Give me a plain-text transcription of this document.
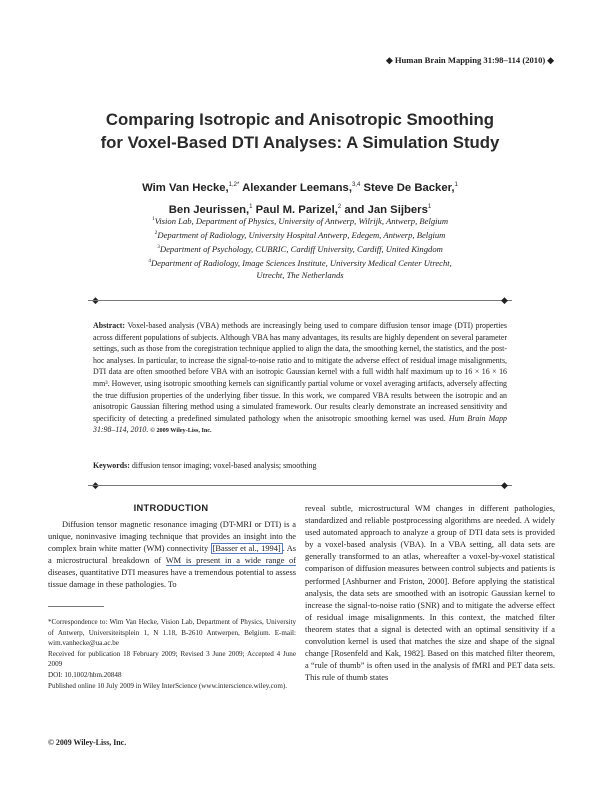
◆ Human Brain Mapping 31:98–114 (2010) ◆
Comparing Isotropic and Anisotropic Smoothing
for Voxel-Based DTI Analyses: A Simulation Study
Wim Van Hecke,$^{1,2*}$ Alexander Leemans,$^{3,4}$ Steve De Backer,$^1$
Ben Jeurissen,$^1$ Paul M. Parizel,$^2$ and Jan Sijbers$^1$
$^1$Vision Lab, Department of Physics, University of Antwerp, Wilrijk, Antwerp, Belgium
$^2$Department of Radiology, University Hospital Antwerp, Edegem, Antwerp, Belgium
$^3$Department of Psychology, CUBRIC, Cardiff University, Cardiff, United Kingdom
$^4$Department of Radiology, Image Sciences Institute, University Medical Center Utrecht,
Utrecht, The Netherlands
◆	◆
Abstract: Voxel-based analysis (VBA) methods are increasingly being used to compare diffusion tensor image (DTI) properties across different populations of subjects. Although VBA has many advantages, its results are highly dependent on several parameter settings, such as those from the coregistration technique applied to align the data, the smoothing kernel, the statistics, and the post-hoc analyses. In particular, to increase the signal-to-noise ratio and to mitigate the adverse effect of residual image misalignments, DTI data are often smoothed before VBA with an isotropic Gaussian kernel with a full width half maximum up to 16 × 16 × 16 mm³. However, using isotropic smoothing kernels can significantly partial volume or voxel averaging artifacts, adversely affecting the true diffusion properties of the underlying fiber tissue. In this work, we compared VBA results between the isotropic and an anisotropic Gaussian filtering method using a simulated framework. Our results clearly demonstrate an increased sensitivity and specificity of detecting a predefined simulated pathology when the anisotropic smoothing kernel was used. Hum Brain Mapp 31:98–114, 2010. © 2009 Wiley-Liss, Inc.
Keywords: diffusion tensor imaging; voxel-based analysis; smoothing
◆	◆
INTRODUCTION

Diffusion tensor magnetic resonance imaging (DT-MRI or DTI) is a unique, noninvasive imaging technique that provides an insight into the complex brain white matter (WM) connectivity [Basser et al., 1994] . As a microstructural breakdown of WM is present in a wide range of diseases, quantitative DTI measures have a tremendous potential to assess tissue damage in these pathologies. To

*Correspondence to: Wim Van Hecke, Vision Lab, Department of Physics, University of Antwerp, Universiteitsplein 1, N 1.18, B-2610 Antwerpen, Belgium. E-mail: wim.vanhecke@ua.ac.be

Received for publication 18 February 2009; Revised 3 June 2009; Accepted 4 June 2009

DOI: 10.1002/hbm.20848

Published online 10 July 2009 in Wiley InterScience (www.interscience.wiley.com).

© 2009 Wiley-Liss, Inc.

reveal subtle, microstructural WM changes in different pathologies, standardized and reliable postprocessing algorithms are needed. A widely used automated approach to analyze a group of DTI data sets is provided by a voxel-based analysis (VBA). In a VBA setting, all data sets are generally transformed to an atlas, whereafter a voxel-by-voxel statistical comparison of diffusion measures between control subjects and patients is performed [Ashburner and Friston, 2000]. Before applying the statistical analysis, the data sets are smoothed with an isotropic Gaussian kernel to increase the signal-to-noise ratio (SNR) and to mitigate the adverse effect of residual image misalignments. In this context, the matched filter theorem states that a signal is detected with an optimal sensitivity if a convolution kernel is used that matches the size and shape of the signal change [Rosenfeld and Kak, 1982]. Based on this matched filter theorem, a “rule of thumb” is often used in the analysis of fMRI and PET data sets. This rule of thumb states
